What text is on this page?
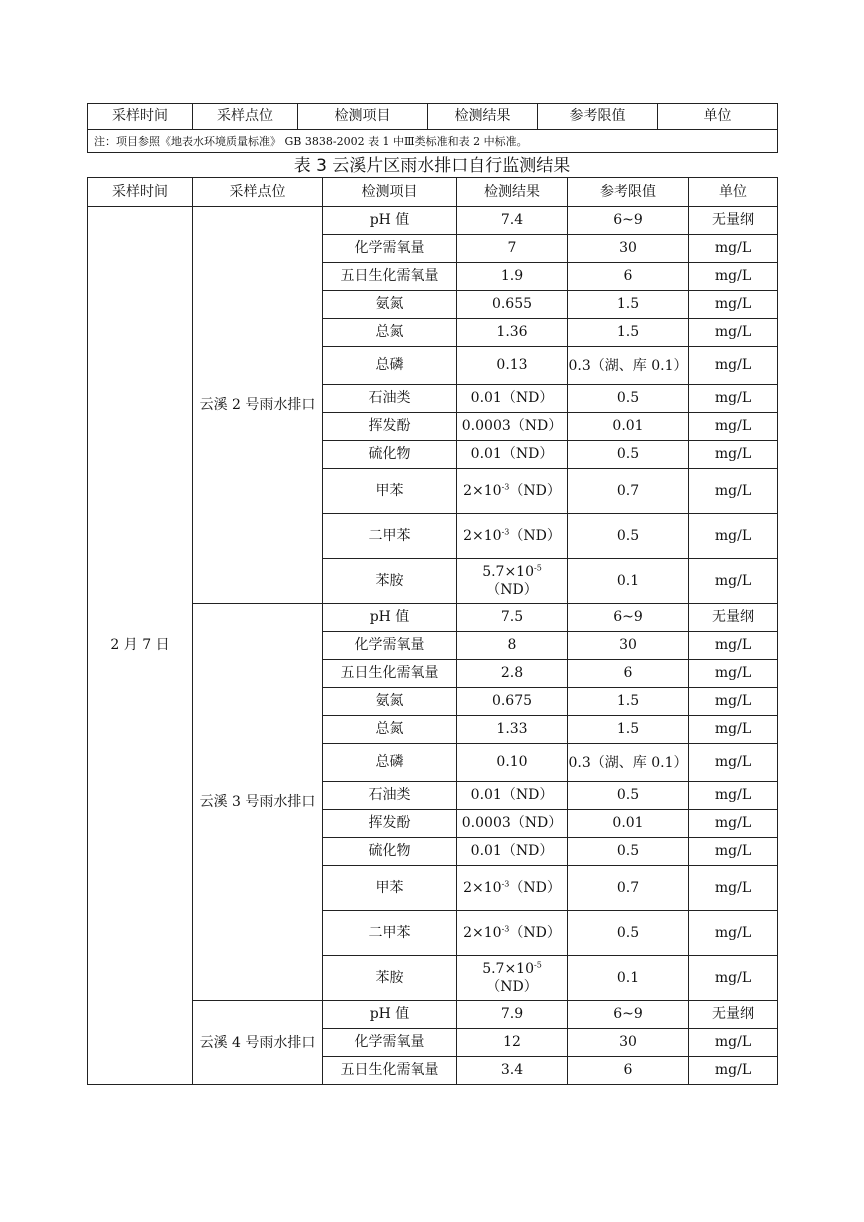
采样时间	采样点位	检测项目	检测结果	参考限值	单位
注：项目参照《地表水环境质量标准》 GB 3838-2002 表 1 中Ⅲ类标准和表 2 中标准。
表 3 云溪片区雨水排口自行监测结果
采样时间	采样点位	检测项目	检测结果	参考限值	单位
2 月 7 日	云溪 2 号雨水排口	pH 值	7.4	6~9	无量纲
		化学需氧量	7	30	mg/L
		五日生化需氧量	1.9	6	mg/L
		氨氮	0.655	1.5	mg/L
		总氮	1.36	1.5	mg/L
		总磷	0.13	0.3（湖、库 0.1）	mg/L
		石油类	0.01（ND）	0.5	mg/L
		挥发酚	0.0003（ND）	0.01	mg/L
		硫化物	0.01（ND）	0.5	mg/L
		甲苯	$2\times 10^{-3}(ND)$	0.7	mg/L
		二甲苯	$2\times 10^{-3}(ND)$	0.5	mg/L
		苯胺	$5.7\times 10^{-5}(ND)$	0.1	mg/L
	云溪 3 号雨水排口	pH 值	7.5	6~9	无量纲
		化学需氧量	8	30	mg/L
		五日生化需氧量	2.8	6	mg/L
		氨氮	0.675	1.5	mg/L
		总氮	1.33	1.5	mg/L
		总磷	0.10	0.3（湖、库 0.1）	mg/L
		石油类	0.01（ND）	0.5	mg/L
		挥发酚	0.0003（ND）	0.01	mg/L
		硫化物	0.01（ND）	0.5	mg/L
		甲苯	$2\times 10^{-3}(ND)$	0.7	mg/L
		二甲苯	$2\times 10^{-3}(ND)$	0.5	mg/L
		苯胺	$5.7\times 10^{-5}(ND)$	0.1	mg/L
	云溪 4 号雨水排口	pH 值	7.9	6~9	无量纲
		化学需氧量	12	30	mg/L
		五日生化需氧量	3.4	6	mg/L
